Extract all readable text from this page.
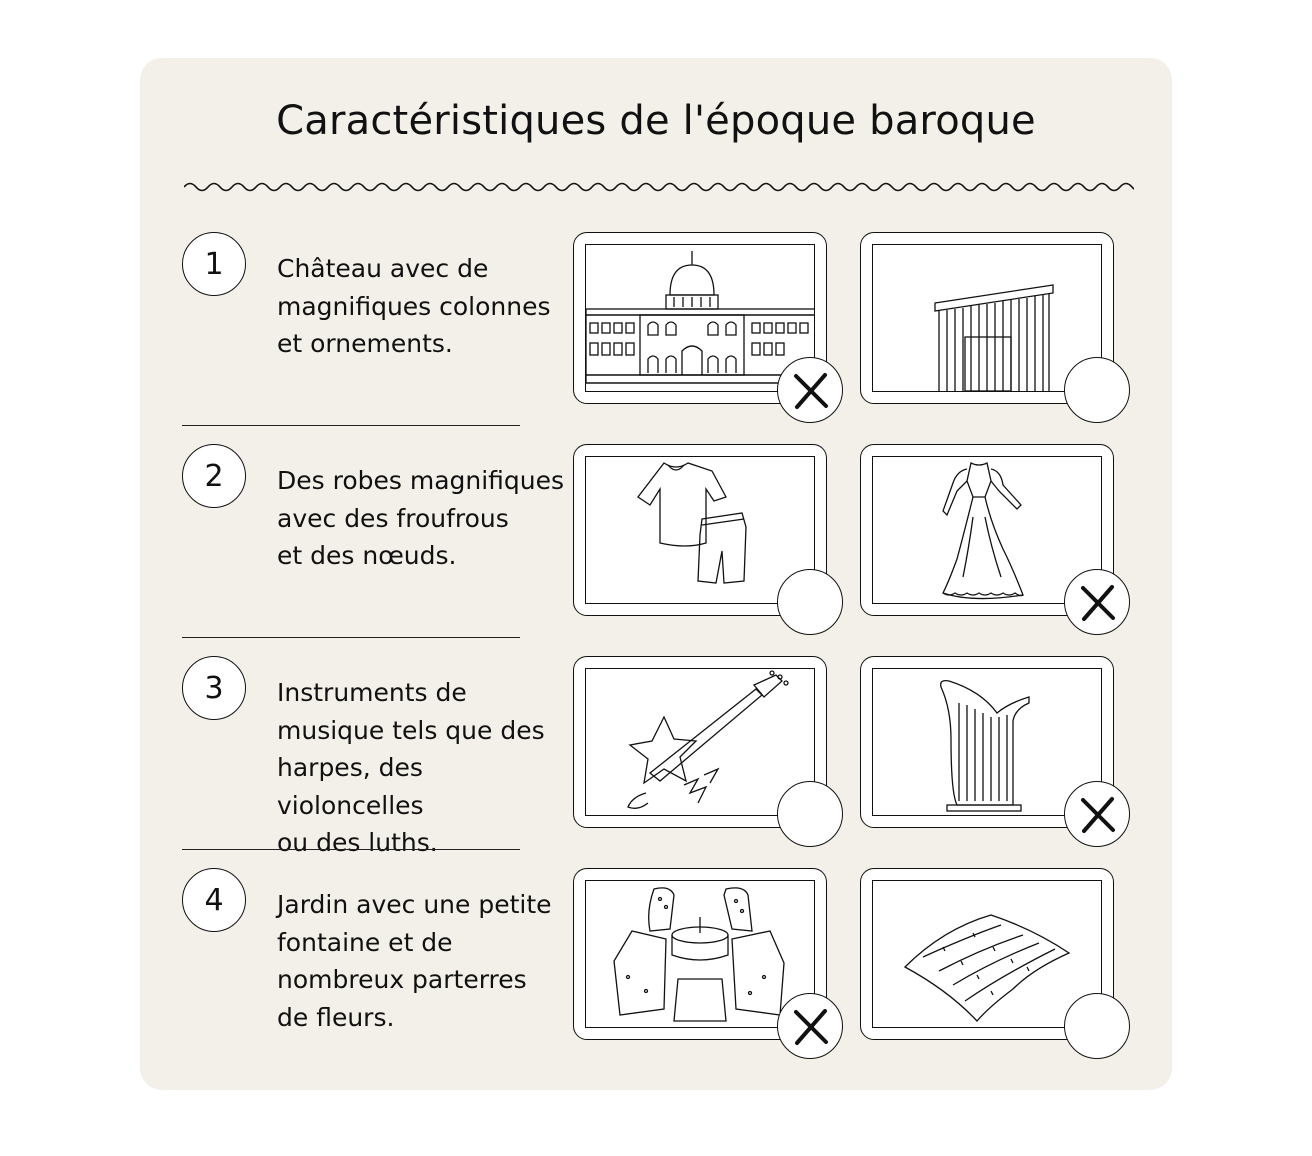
Caractéristiques de l'époque baroque
1	Château avec de
magnifiques colonnes
et ornements.
2	Des robes magnifiques
avec des froufrous
et des nœuds.
3	Instruments de
musique tels que des
harpes, des violoncelles
ou des luths.
4	Jardin avec une petite
fontaine et de
nombreux parterres
de fleurs.
